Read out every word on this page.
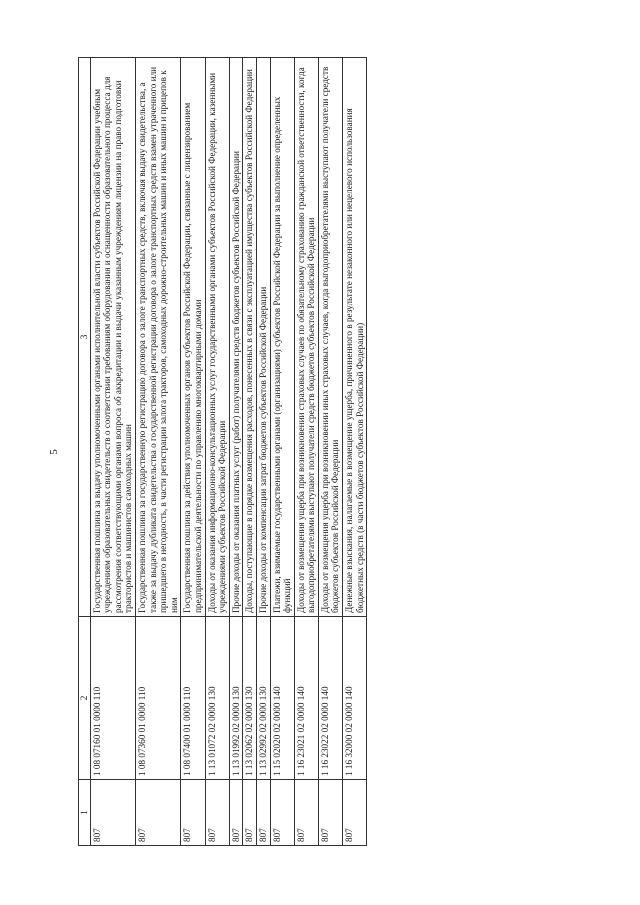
5
1	2	3
807	1 08 07160 01 0000 110	Государственная пошлина за выдачу уполномоченными органами исполнительной власти субъектов Российской Федерации учебным учреждениям образовательных свидетельств о соответствии требованиям оборудования и оснащенности образовательного процесса для рассмотрения соответствующими органами вопроса об аккредитации и выдачи указанным учреждениям лицензии на право подготовки трактористов и машинистов самоходных машин
807	1 08 07360 01 0000 110	Государственная пошлина за государственную регистрацию договора о залоге транспортных средств, включая выдачу свидетельства, а также за выдачу дубликата свидетельства о государственной регистрации договора о залоге транспортных средств взамен утраченного или пришедшего в негодность, в части регистрации залога тракторов, самоходных дорожно-строительных машин и иных машин и прицепов к ним
807	1 08 07400 01 0000 110	Государственная пошлина за действия уполномоченных органов субъектов Российской Федерации, связанные с лицензированием предпринимательской деятельности по управлению многоквартирными домами
807	1 13 01072 02 0000 130	Доходы от оказания информационно-консультационных услуг государственными органами субъектов Российской Федерации, казенными учреждениями субъектов Российской Федерации
807	1 13 01992 02 0000 130	Прочие доходы от оказания платных услуг (работ) получателями средств бюджетов субъектов Российской Федерации
807	1 13 02062 02 0000 130	Доходы, поступающие в порядке возмещения расходов, понесенных в связи с эксплуатацией имущества субъектов Российской Федерации
807	1 13 02992 02 0000 130	Прочие доходы от компенсации затрат бюджетов субъектов Российской Федерации
807	1 15 02020 02 0000 140	Платежи, взимаемые государственными органами (организациями) субъектов Российской Федерации за выполнение определенных функций
807	1 16 23021 02 0000 140	Доходы от возмещения ущерба при возникновении страховых случаев по обязательному страхованию гражданской ответственности, когда выгодоприобретателями выступают получатели средств бюджетов субъектов Российской Федерации
807	1 16 23022 02 0000 140	Доходы от возмещения ущерба при возникновении иных страховых случаев, когда выгодоприобретателями выступают получатели средств бюджетов субъектов Российской Федерации
807	1 16 32000 02 0000 140	Денежные взыскания, налагаемые в возмещение ущерба, причиненного в результате незаконного или нецелевого использования бюджетных средств (в части бюджетов субъектов Российской Федерации)
